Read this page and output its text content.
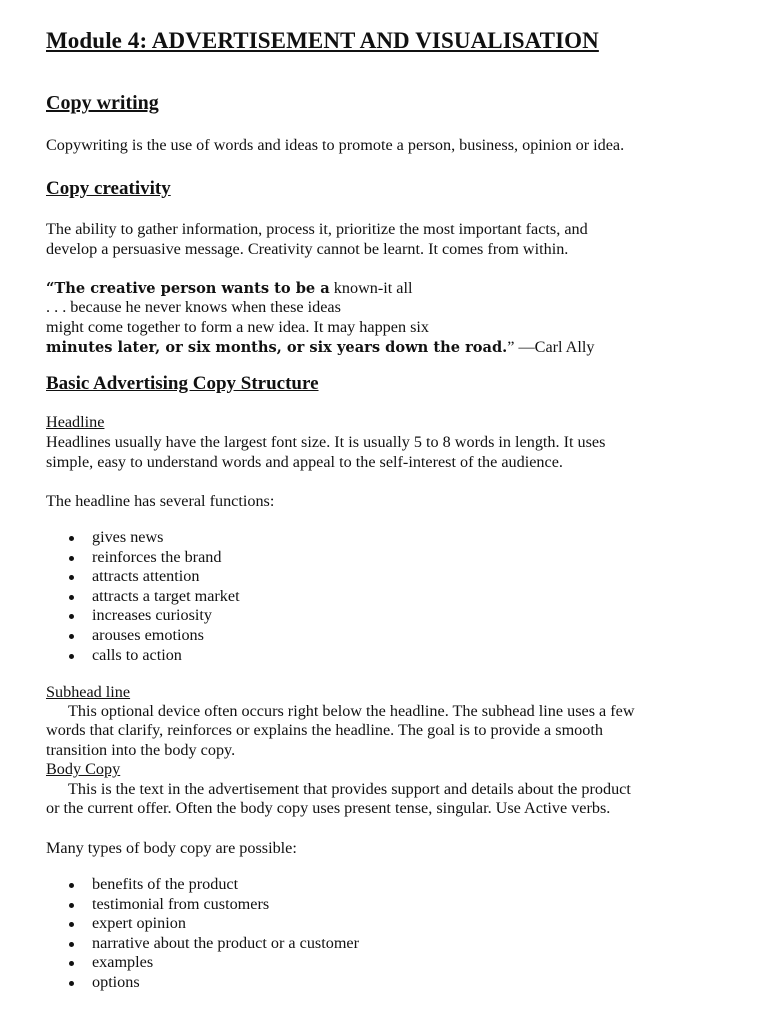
Module 4: ADVERTISEMENT AND VISUALISATION
Copy writing
Copywriting is the use of words and ideas to promote a person, business, opinion or idea.
Copy creativity
The ability to gather information, process it, prioritize the most important facts, and
develop a persuasive message. Creativity cannot be learnt. It comes from within.
“The creative person wants to be a known-it all
. . . because he never knows when these ideas
might come together to form a new idea. It may happen six
minutes later, or six months, or six years down the road.” —Carl Ally
Basic Advertising Copy Structure
Headline
Headlines usually have the largest font size. It is usually 5 to 8 words in length. It uses
simple, easy to understand words and appeal to the self-interest of the audience.
The headline has several functions:
gives news
reinforces the brand
attracts attention
attracts a target market
increases curiosity
arouses emotions
calls to action
Subhead line
This optional device often occurs right below the headline. The subhead line uses a few
words that clarify, reinforces or explains the headline. The goal is to provide a smooth
transition into the body copy.
Body Copy
This is the text in the advertisement that provides support and details about the product
or the current offer. Often the body copy uses present tense, singular. Use Active verbs.
Many types of body copy are possible:
benefits of the product
testimonial from customers
expert opinion
narrative about the product or a customer
examples
options
